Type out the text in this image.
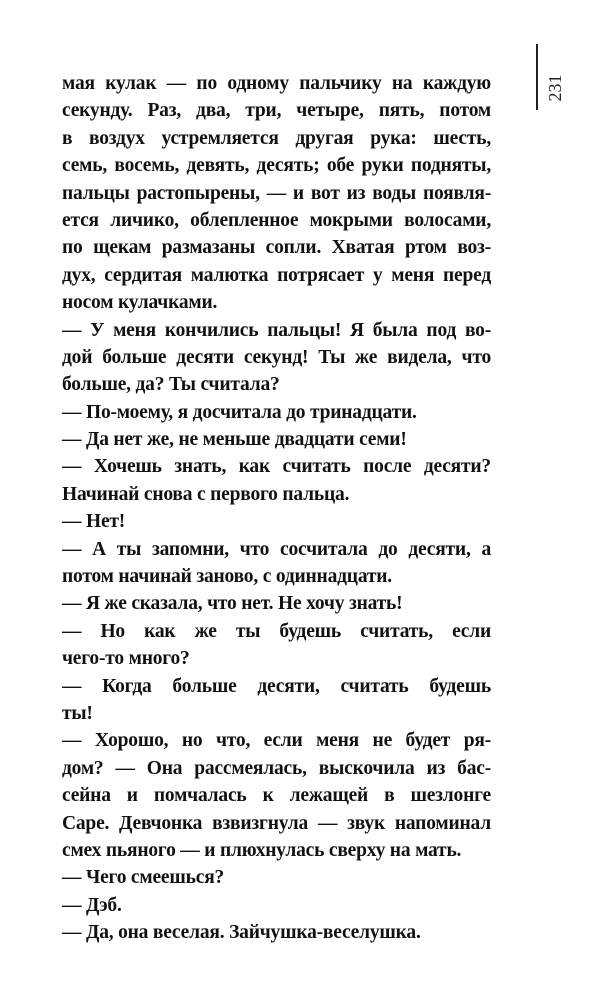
231
мая кулак — по одному пальчику на каждую
секунду. Раз, два, три, четыре, пять, потом
в воздух устремляется другая рука: шесть,
семь, восемь, девять, десять; обе руки подняты,
пальцы растопырены, — и вот из воды появля-
ется личико, облепленное мокрыми волосами,
по щекам размазаны сопли. Хватая ртом воз-
дух, сердитая малютка потрясает у меня перед
носом кулачками.
— У меня кончились пальцы! Я была под во-
дой больше десяти секунд! Ты же видела, что
больше, да? Ты считала?
— По-моему, я досчитала до тринадцати.
— Да нет же, не меньше двадцати семи!
— Хочешь знать, как считать после десяти?
Начинай снова с первого пальца.
— Нет!
— А ты запомни, что сосчитала до десяти, а
потом начинай заново, с одиннадцати.
— Я же сказала, что нет. Не хочу знать!
— Но как же ты будешь считать, если
чего-то много?
— Когда больше десяти, считать будешь
ты!
— Хорошо, но что, если меня не будет ря-
дом? — Она рассмеялась, выскочила из бас-
сейна и помчалась к лежащей в шезлонге
Саре. Девчонка взвизгнула — звук напоминал
смех пьяного — и плюхнулась сверху на мать.
— Чего смеешься?
— Дэб.
— Да, она веселая. Зайчушка-веселушка.
